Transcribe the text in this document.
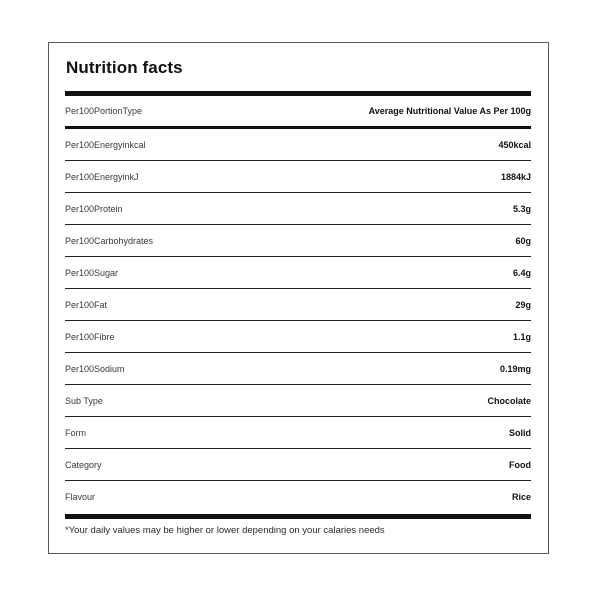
Nutrition facts
Per100PortionType	Average Nutritional Value As Per 100g
Per100Energyinkcal	450kcal
Per100EnergyinkJ	1884kJ
Per100Protein	5.3g
Per100Carbohydrates	60g
Per100Sugar	6.4g
Per100Fat	29g
Per100Fibre	1.1g
Per100Sodium	0.19mg
Sub Type	Chocolate
Form	Solid
Category	Food
Flavour	Rice
*Your daily values may be higher or lower depending on your calaries needs
